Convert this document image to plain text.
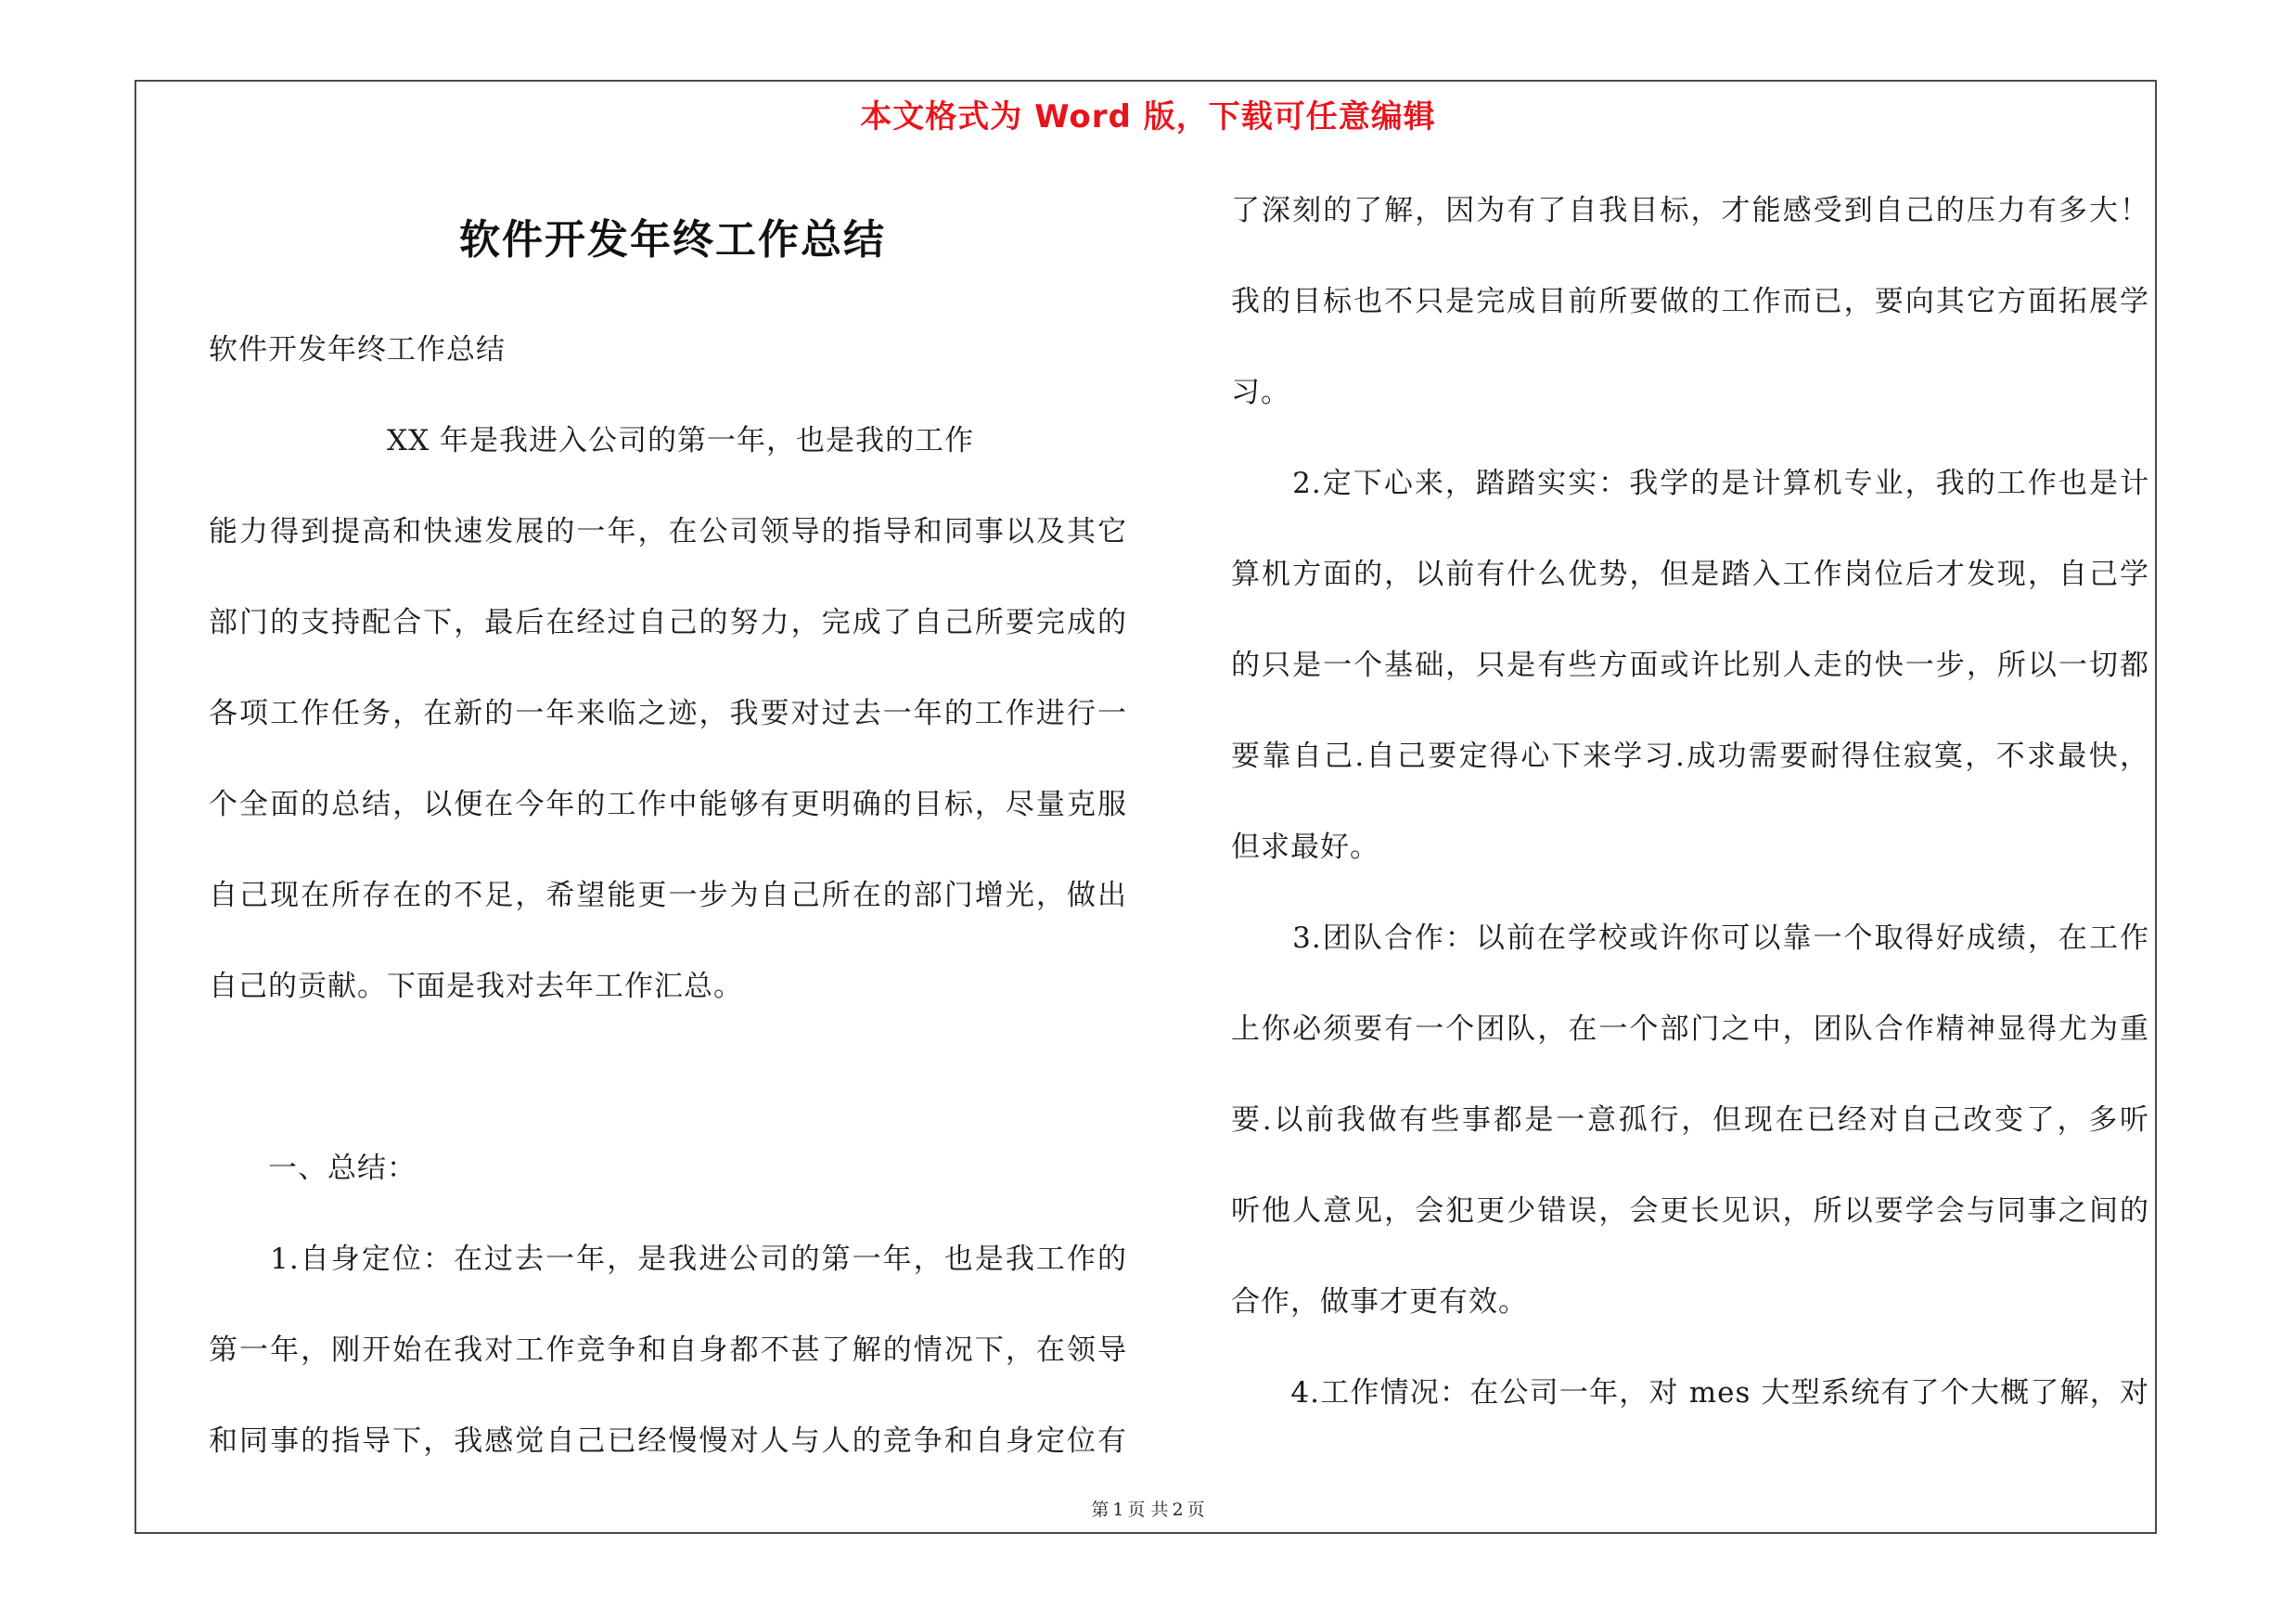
本文格式为 Word 版，下载可任意编辑
软件开发年终工作总结
软件开发年终工作总结
　　　　　　XX 年是我进入公司的第一年，也是我的工作
能力得到提高和快速发展的一年，在公司领导的指导和同事以及其它
部门的支持配合下，最后在经过自己的努力，完成了自己所要完成的
各项工作任务，在新的一年来临之迹，我要对过去一年的工作进行一
个全面的总结，以便在今年的工作中能够有更明确的目标，尽量克服
自己现在所存在的不足，希望能更一步为自己所在的部门增光，做出
自己的贡献。下面是我对去年工作汇总。
　　一、总结：
　　1.自身定位：在过去一年，是我进公司的第一年，也是我工作的
第一年，刚开始在我对工作竞争和自身都不甚了解的情况下，在领导
和同事的指导下，我感觉自己已经慢慢对人与人的竞争和自身定位有
了深刻的了解，因为有了自我目标，才能感受到自己的压力有多大！
我的目标也不只是完成目前所要做的工作而已，要向其它方面拓展学
习。
　　2.定下心来，踏踏实实：我学的是计算机专业，我的工作也是计
算机方面的，以前有什么优势，但是踏入工作岗位后才发现，自己学
的只是一个基础，只是有些方面或许比别人走的快一步，所以一切都
要靠自己.自己要定得心下来学习.成功需要耐得住寂寞，不求最快，
但求最好。
　　3.团队合作：以前在学校或许你可以靠一个取得好成绩，在工作
上你必须要有一个团队，在一个部门之中，团队合作精神显得尤为重
要.以前我做有些事都是一意孤行，但现在已经对自己改变了，多听
听他人意见，会犯更少错误，会更长见识，所以要学会与同事之间的
合作，做事才更有效。
　　4.工作情况：在公司一年，对 mes 大型系统有了个大概了解，对
第 1 页 共 2 页
